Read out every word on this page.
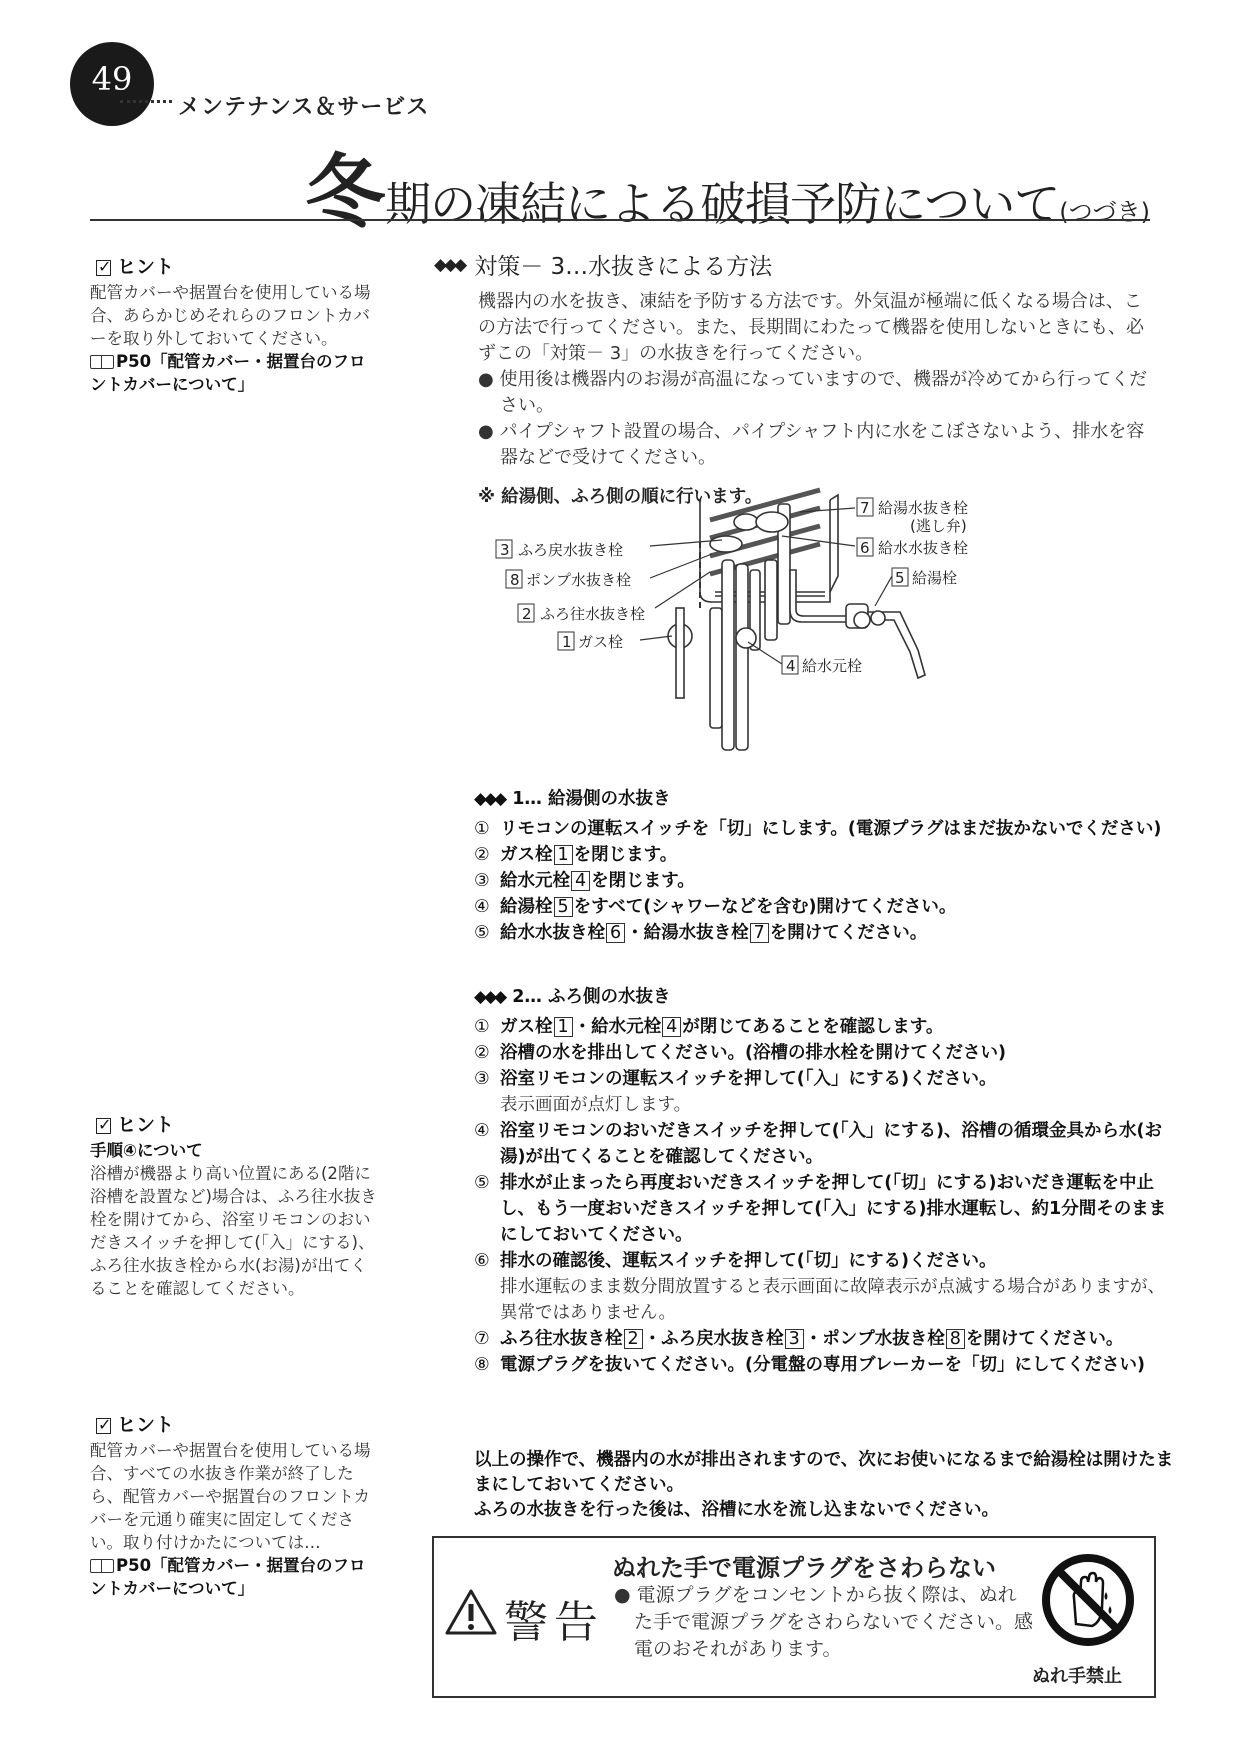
49
メンテナンス＆サービス
冬期の凍結による破損予防について(つづき)
✓
ヒント
配管カバーや据置台を使用している場合、あらかじめそれらのフロントカバーを取り外しておいてください。
P50「配管カバー・据置台のフロントカバーについて」
✓
ヒント
手順④について
浴槽が機器より高い位置にある(2階に浴槽を設置など)場合は、ふろ往水抜き栓を開けてから、浴室リモコンのおいだきスイッチを押して(「入」にする)、ふろ往水抜き栓から水(お湯)が出てくることを確認してください。
✓
ヒント
配管カバーや据置台を使用している場合、すべての水抜き作業が終了したら、配管カバーや据置台のフロントカバーを元通り確実に固定してください。取り付けかたについては…
P50「配管カバー・据置台のフロントカバーについて」
◆◆◆ 対策－ 3…水抜きによる方法

機器内の水を抜き、凍結を予防する方法です。外気温が極端に低くなる場合は、この方法で行ってください。また、長期間にわたって機器を使用しないときにも、必ずこの「対策－ 3」の水抜きを行ってください。

● 使用後は機器内のお湯が高温になっていますので、機器が冷めてから行ってください。

● パイプシャフト設置の場合、パイプシャフト内に水をこぼさないよう、排水を容器などで受けてください。

※ 給湯側、ふろ側の順に行います。
7 給湯水抜き栓
(逃し弁)
3 ふろ戻水抜き栓	6 給水水抜き栓
8 ポンプ水抜き栓	5 給湯栓
2 ふろ往水抜き栓
1 ガス栓
4 給水元栓
◆◆◆ 1… 給湯側の水抜き
① リモコンの運転スイッチを「切」にします。(電源プラグはまだ抜かないでください)
② ガス栓 1 を閉じます。
③ 給水元栓 4 を閉じます。
④ 給湯栓 5 をすべて(シャワーなどを含む)開けてください。
⑤ 給水水抜き栓 6 ・給湯水抜き栓 7 を開けてください。
◆◆◆ 2… ふろ側の水抜き
① ガス栓 1 ・給水元栓 4 が閉じてあることを確認します。
② 浴槽の水を排出してください。(浴槽の排水栓を開けてください)
③ 浴室リモコンの運転スイッチを押して(「入」にする)ください。
表示画面が点灯します。
④ 浴室リモコンのおいだきスイッチを押して(「入」にする)、浴槽の循環金具から水(お湯)が出てくることを確認してください。
⑤ 排水が止まったら再度おいだきスイッチを押して(「切」にする)おいだき運転を中止し、もう一度おいだきスイッチを押して(「入」にする)排水運転し、約1分間そのままにしておいてください。
⑥ 排水の確認後、運転スイッチを押して(「切」にする)ください。
排水運転のまま数分間放置すると表示画面に故障表示が点滅する場合がありますが、異常ではありません。
⑦ ふろ往水抜き栓 2 ・ふろ戻水抜き栓 3 ・ポンプ水抜き栓 8 を開けてください。
⑧ 電源プラグを抜いてください。(分電盤の専用ブレーカーを「切」にしてください)

以上の操作で、機器内の水が排出されますので、次にお使いになるまで給湯栓は開けたままにしておいてください。

ふろの水抜きを行った後は、浴槽に水を流し込まないでください。

警告
ぬれた手で電源プラグをさわらない
● 電源プラグをコンセントから抜く際は、ぬれた手で電源プラグをさわらないでください。感電のおそれがあります。
ぬれ手禁止
